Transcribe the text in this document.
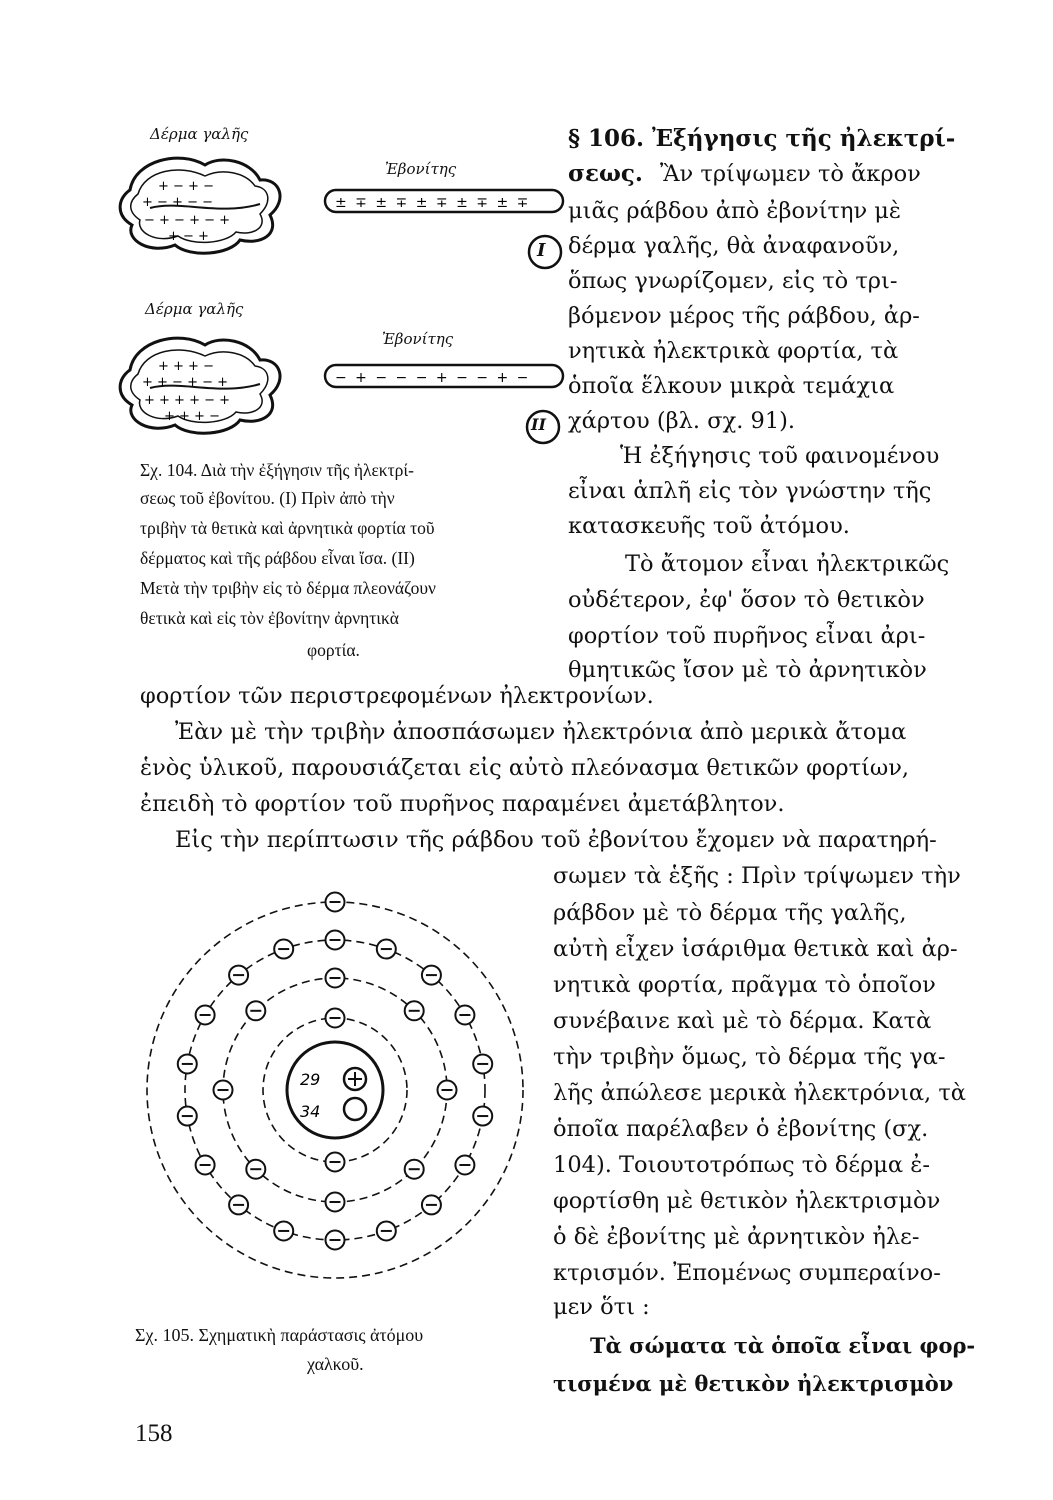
+ − + −
+ − + − −
− + − + − +
+ − +
± ∓ ± ∓ ± ∓ ± ∓ ± ∓
+ + + −
+ + − + − +
+ + + + − +
+ + + −
− + − − − + − − + −
Δέρμα γαλῆς
Ἐβονίτης
I
Δέρμα γαλῆς
Ἐβονίτης
II
Σχ. 104. Διὰ τὴν ἐξήγησιν τῆς ἠλεκτρί-
σεως τοῦ ἐβονίτου. (Ι) Πρὶν ἀπὸ τὴν
τριβὴν τὰ θετικὰ καὶ ἀρνητικὰ φορτία τοῦ
δέρματος καὶ τῆς ράβδου εἶναι ἴσα. (ΙΙ)
Μετὰ τὴν τριβὴν εἰς τὸ δέρμα πλεονάζουν
θετικὰ καὶ εἰς τὸν ἐβονίτην ἀρνητικὰ
φορτία.
§ 106. Ἐξήγησις τῆς ἠλεκτρί-
σεως. Ἂν τρίψωμεν τὸ ἄκρον
μιᾶς ράβδου ἀπὸ ἐβονίτην μὲ
δέρμα γαλῆς, θὰ ἀναφανοῦν,
ὅπως γνωρίζομεν, εἰς τὸ τρι-
βόμενον μέρος τῆς ράβδου, ἀρ-
νητικὰ ἠλεκτρικὰ φορτία, τὰ
ὁποῖα ἕλκουν μικρὰ τεμάχια
χάρτου (βλ. σχ. 91).
Ἡ ἐξήγησις τοῦ φαινομένου
εἶναι ἁπλῆ εἰς τὸν γνώστην τῆς
κατασκευῆς τοῦ ἀτόμου.
Τὸ ἄτομον εἶναι ἠλεκτρικῶς
οὐδέτερον, ἐφ' ὅσον τὸ θετικὸν
φορτίον τοῦ πυρῆνος εἶναι ἀρι-
θμητικῶς ἴσον μὲ τὸ ἀρνητικὸν
φορτίον τῶν περιστρεφομένων ἠλεκτρονίων.
Ἐὰν μὲ τὴν τριβὴν ἀποσπάσωμεν ἠλεκτρόνια ἀπὸ μερικὰ ἄτομα
ἑνὸς ὑλικοῦ, παρουσιάζεται εἰς αὐτὸ πλεόνασμα θετικῶν φορτίων,
ἐπειδὴ τὸ φορτίον τοῦ πυρῆνος παραμένει ἀμετάβλητον.
Εἰς τὴν περίπτωσιν τῆς ράβδου τοῦ ἐβονίτου ἔχομεν νὰ παρατηρή-
σωμεν τὰ ἑξῆς : Πρὶν τρίψωμεν τὴν
ράβδον μὲ τὸ δέρμα τῆς γαλῆς,
αὐτὴ εἶχεν ἰσάριθμα θετικὰ καὶ ἀρ-
νητικὰ φορτία, πρᾶγμα τὸ ὁποῖον
συνέβαινε καὶ μὲ τὸ δέρμα. Κατὰ
τὴν τριβὴν ὅμως, τὸ δέρμα τῆς γα-
λῆς ἀπώλεσε μερικὰ ἠλεκτρόνια, τὰ
ὁποῖα παρέλαβεν ὁ ἐβονίτης (σχ.
104). Τοιουτοτρόπως τὸ δέρμα ἐ-
φορτίσθη μὲ θετικὸν ἠλεκτρισμὸν
ὁ δὲ ἐβονίτης μὲ ἀρνητικὸν ἠλε-
κτρισμόν. Ἐπομένως συμπεραίνο-
μεν ὅτι :
Τὰ σώματα τὰ ὁποῖα εἶναι φορ-
τισμένα μὲ θετικὸν ἠλεκτρισμὸν
29
34
Σχ. 105. Σχηματικὴ παράστασις ἀτόμου
χαλκοῦ.
158
